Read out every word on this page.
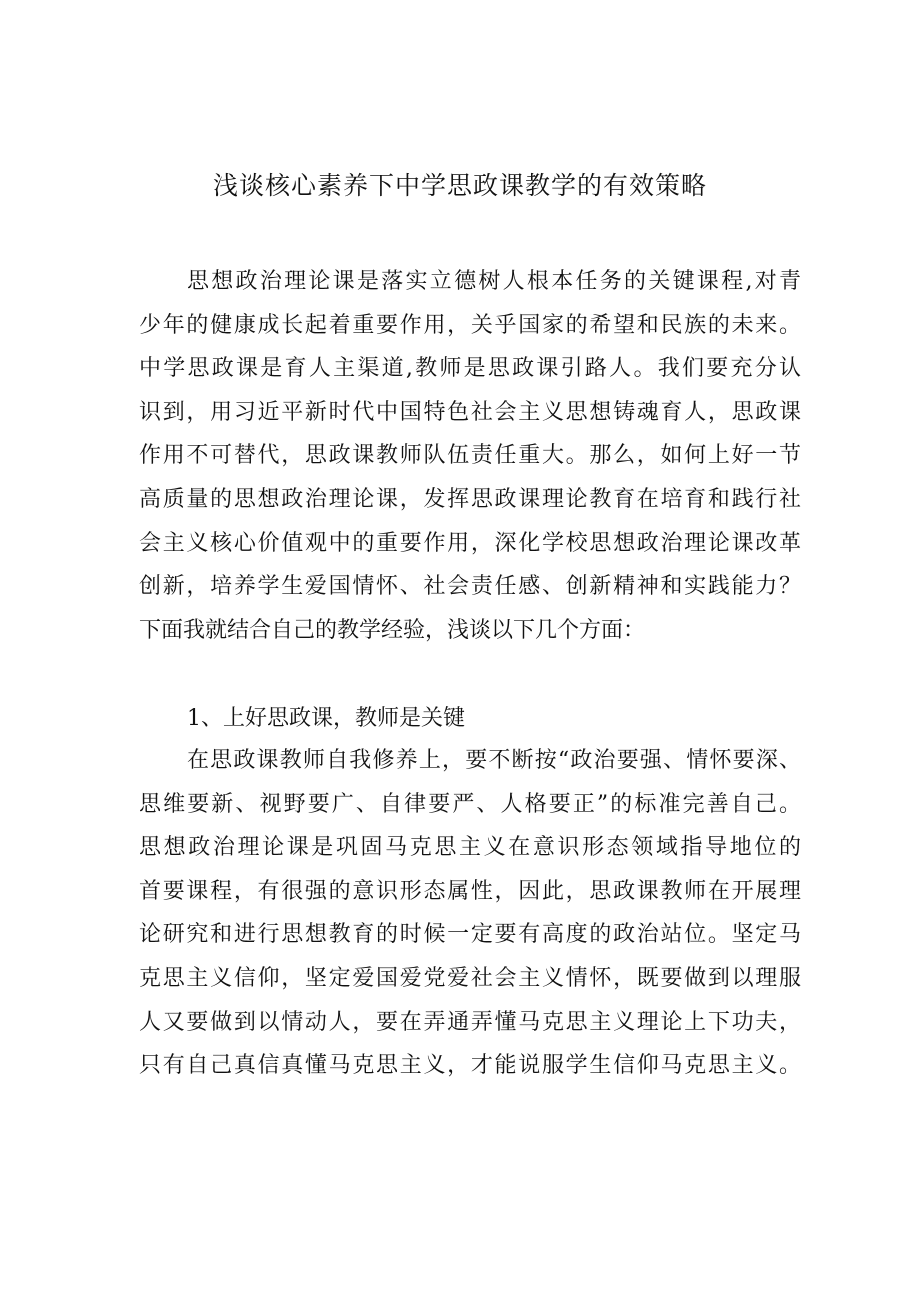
浅谈核心素养下中学思政课教学的有效策略
思想政治理论课是落实立德树人根本任务的关键课程,对青
少年的健康成长起着重要作用，关乎国家的希望和民族的未来。
中学思政课是育人主渠道,教师是思政课引路人。我们要充分认
识到，用习近平新时代中国特色社会主义思想铸魂育人，思政课
作用不可替代，思政课教师队伍责任重大。那么，如何上好一节
高质量的思想政治理论课，发挥思政课理论教育在培育和践行社
会主义核心价值观中的重要作用，深化学校思想政治理论课改革
创新，培养学生爱国情怀、社会责任感、创新精神和实践能力？
下面我就结合自己的教学经验，浅谈以下几个方面：
1、上好思政课，教师是关键
在思政课教师自我修养上，要不断按“政治要强、情怀要深、
思维要新、视野要广、自律要严、人格要正”的标准完善自己。
思想政治理论课是巩固马克思主义在意识形态领域指导地位的
首要课程，有很强的意识形态属性，因此，思政课教师在开展理
论研究和进行思想教育的时候一定要有高度的政治站位。坚定马
克思主义信仰，坚定爱国爱党爱社会主义情怀，既要做到以理服
人又要做到以情动人，要在弄通弄懂马克思主义理论上下功夫，
只有自己真信真懂马克思主义，才能说服学生信仰马克思主义。
